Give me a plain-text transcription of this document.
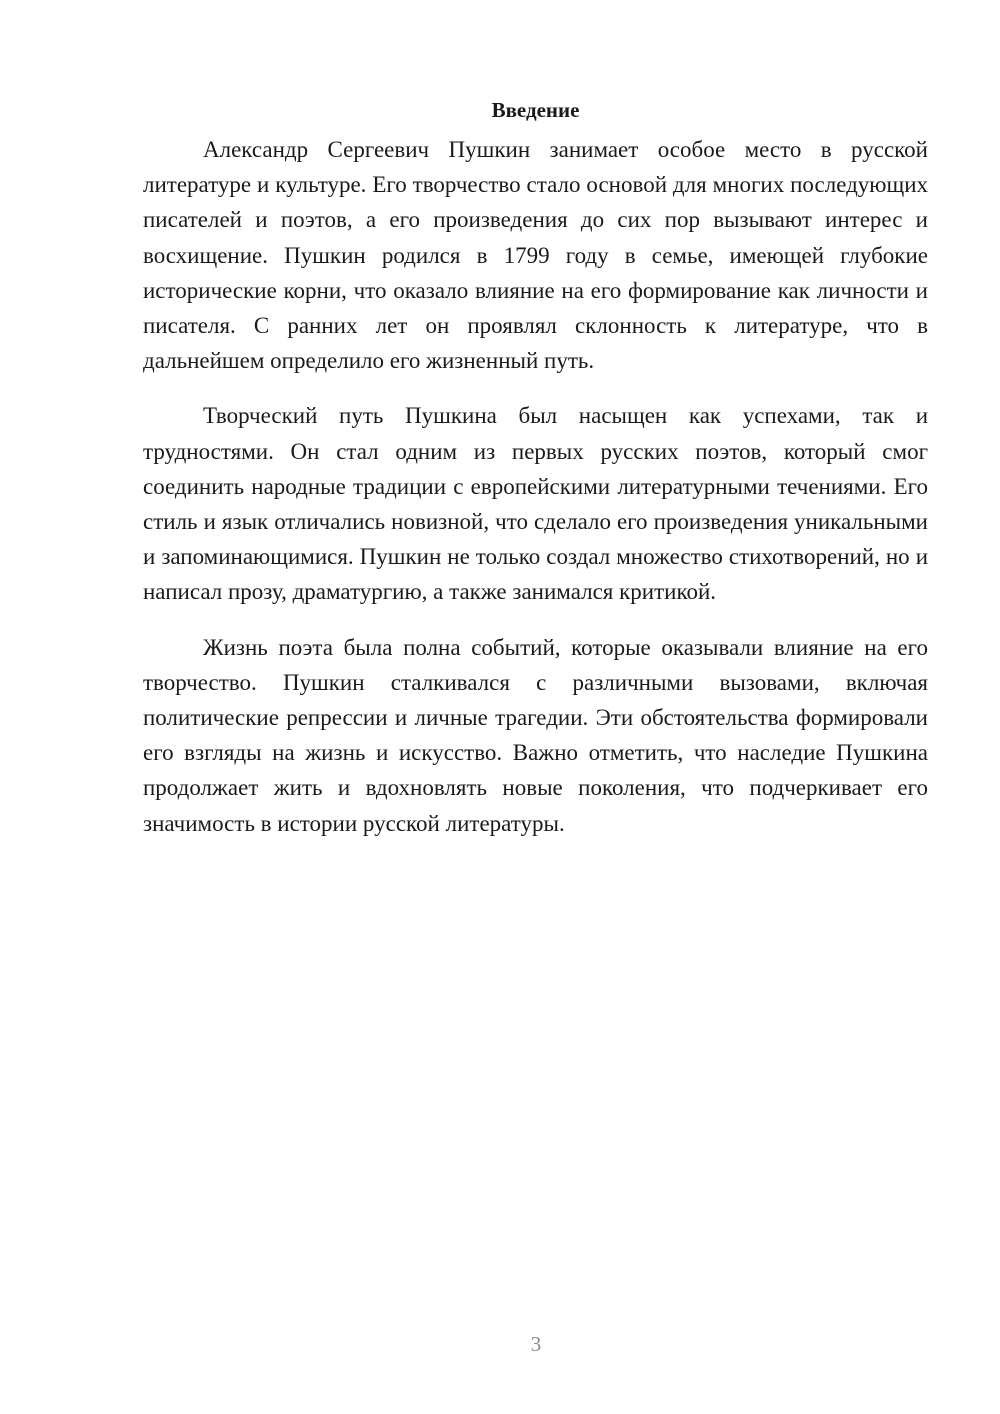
Введение

Александр Сергеевич Пушкин занимает особое место в русской литературе и культуре. Его творчество стало основой для многих последующих писателей и поэтов, а его произведения до сих пор вызывают интерес и восхищение. Пушкин родился в 1799 году в семье, имеющей глубокие исторические корни, что оказало влияние на его формирование как личности и писателя. С ранних лет он проявлял склонность к литературе, что в дальнейшем определило его жизненный путь.

Творческий путь Пушкина был насыщен как успехами, так и трудностями. Он стал одним из первых русских поэтов, который смог соединить народные традиции с европейскими литературными течениями. Его стиль и язык отличались новизной, что сделало его произведения уникальными и запоминающимися. Пушкин не только создал множество стихотворений, но и написал прозу, драматургию, а также занимался критикой.

Жизнь поэта была полна событий, которые оказывали влияние на его творчество. Пушкин сталкивался с различными вызовами, включая политические репрессии и личные трагедии. Эти обстоятельства формировали его взгляды на жизнь и искусство. Важно отметить, что наследие Пушкина продолжает жить и вдохновлять новые поколения, что подчеркивает его значимость в истории русской литературы.

3
